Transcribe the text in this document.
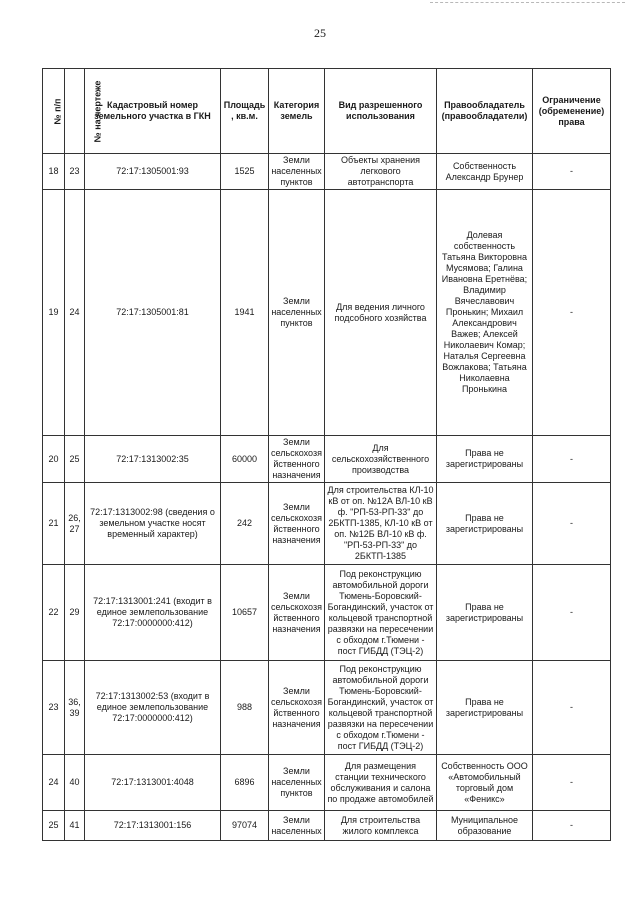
25
№ п/п	№ на чертеже	Кадастровый номер земельного участка в ГКН	Площадь, кв.м.	Категория земель	Вид разрешенного использования	Правообладатель (правообладатели)	Ограничение (обременение) права
18	23	72:17:1305001:93	1525	Земли населенных пунктов	Объекты хранения легкового автотранспорта	Собственность Александр Брунер	-
19	24	72:17:1305001:81	1941	Земли населенных пунктов	Для ведения личного подсобного хозяйства	Долевая собственность Татьяна Викторовна Мусямова; Галина Ивановна Еретнёва; Владимир Вячеславович Пронькин; Михаил Александрович Важев; Алексей Николаевич Комар; Наталья Сергеевна Вожлакова; Татьяна Николаевна Пронькина	-
20	25	72:17:1313002:35	60000	Земли сельскохозяйственного назначения	Для сельскохозяйственного производства	Права не зарегистрированы	-
21	26, 27	72:17:1313002:98 (сведения о земельном участке носят временный характер)	242	Земли сельскохозяйственного назначения	Для строительства КЛ-10 кВ от оп. №12А ВЛ-10 кВ ф. "РП-53-РП-33" до 2БКТП-1385, КЛ-10 кВ от оп. №12Б ВЛ-10 кВ ф. "РП-53-РП-33" до 2БКТП-1385	Права не зарегистрированы	-
22	29	72:17:1313001:241 (входит в единое землепользование 72:17:0000000:412)	10657	Земли сельскохозяйственного назначения	Под реконструкцию автомобильной дороги Тюмень-Боровский-Богандинский, участок от кольцевой транспортной развязки на пересечении с обходом г.Тюмени - пост ГИБДД (ТЭЦ-2)	Права не зарегистрированы	-
23	36, 39	72:17:1313002:53 (входит в единое землепользование 72:17:0000000:412)	988	Земли сельскохозяйственного назначения	Под реконструкцию автомобильной дороги Тюмень-Боровский-Богандинский, участок от кольцевой транспортной развязки на пересечении с обходом г.Тюмени - пост ГИБДД (ТЭЦ-2)	Права не зарегистрированы	-
24	40	72:17:1313001:4048	6896	Земли населенных пунктов	Для размещения станции технического обслуживания и салона по продаже автомобилей	Собственность ООО «Автомобильный торговый дом «Феникс»	-
25	41	72:17:1313001:156	97074	Земли населенных	Для строительства жилого комплекса	Муниципальное образование	-
